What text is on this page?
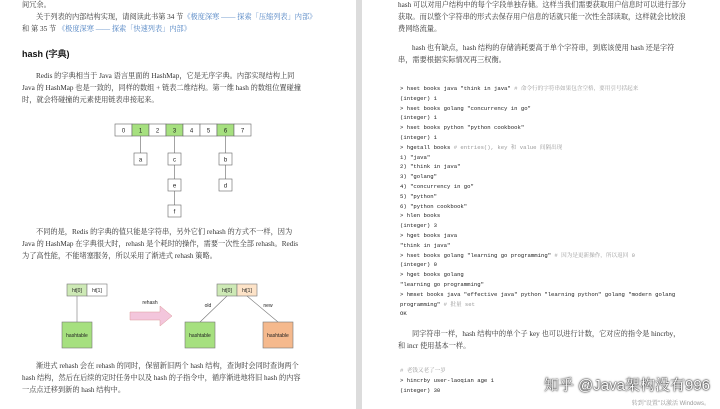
间冗余。

关于列表的内部结构实现，请阅读此书第 34 节《极度深寒 —— 探索「压缩列表」内部》

和 第 35 节 《极度深寒 —— 探索「快速列表」内部》

hash (字典)

Redis 的字典相当于 Java 语言里面的 HashMap，它是无序字典。内部实现结构上同

Java 的 HashMap 也是一致的，同样的数组 + 链表二维结构。第一维 hash 的数组位置碰撞

时，就会将碰撞的元素使用链表串接起来。

0 1 2 3 4 5 6 7
a	c	b
e	d
f

不同的是，Redis 的字典的值只能是字符串，另外它们 rehash 的方式不一样，因为

Java 的 HashMap 在字典很大时，rehash 是个耗时的操作，需要一次性全部 rehash。Redis

为了高性能，不能堵塞服务，所以采用了渐进式 rehash 策略。

ht[0] ht[1]
hashtable
rehash
ht[0] ht[1]
old	new
hashtable	hashtable

渐进式 rehash 会在 rehash 的同时，保留新旧两个 hash 结构，查询时会同时查询两个

hash 结构，然后在后续的定时任务中以及 hash 的子指令中，循序渐进地将旧 hash 的内容

一点点迁移到新的 hash 结构中。

hash 可以对用户结构中的每个字段单独存储。这样当我们需要获取用户信息时可以进行部分

获取。而以整个字符串的形式去保存用户信息的话就只能一次性全部读取，这样就会比较浪

费网络流量。

hash 也有缺点，hash 结构的存储消耗要高于单个字符串，到底该使用 hash 还是字符

串，需要根据实际情况再三权衡。

> hset books java "think in java" # 命令行的字符串如果包含空格，要用引号括起来
(integer) 1
> hset books golang "concurrency in go"
(integer) 1
> hset books python "python cookbook"
(integer) 1
> hgetall books # entries(), key 和 value 间隔出现
1) "java"
2) "think in java"
3) "golang"
4) "concurrency in go"
5) "python"
6) "python cookbook"
> hlen books
(integer) 3
> hget books java
"think in java"
> hset books golang "learning go programming" # 因为是更新操作，所以返回 0
(integer) 0
> hget books golang
"learning go programming"
> hmset books java "effective java" python "learning python" golang "modern golang
programming" # 批量 set
OK

同字符串一样，hash 结构中的单个子 key 也可以进行计数，它对应的指令是 hincrby，

和 incr 使用基本一样。

# 老钱又老了一岁
> hincrby user-laoqian age 1
(integer) 30	知乎 @Java架构没有996
转到"设置"以激活 Windows。
